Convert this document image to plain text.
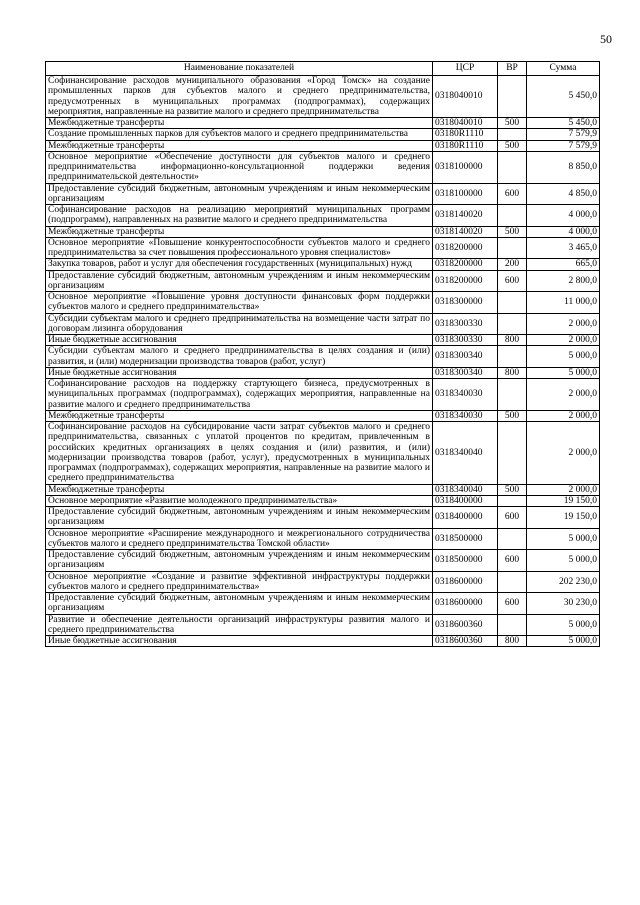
50
Наименование показателей	ЦСР	ВР	Сумма
Софинансирование расходов муниципального образования «Город Томск» на создание промышленных парков для субъектов малого и среднего предпринимательства, предусмотренных в муниципальных программах (подпрограммах), содержащих мероприятия, направленные на развитие малого и среднего предпринимательства	0318040010		5 450,0
Межбюджетные трансферты	0318040010	500	5 450,0
Создание промышленных парков для субъектов малого и среднего предпринимательства	03180R1110		7 579,9
Межбюджетные трансферты	03180R1110	500	7 579,9
Основное мероприятие «Обеспечение доступности для субъектов малого и среднего предпринимательства информационно-консультационной поддержки ведения предпринимательской деятельности»	0318100000		8 850,0
Предоставление субсидий бюджетным, автономным учреждениям и иным некоммерческим организациям	0318100000	600	4 850,0
Софинансирование расходов на реализацию мероприятий муниципальных программ (подпрограмм), направленных на развитие малого и среднего предпринимательства	0318140020		4 000,0
Межбюджетные трансферты	0318140020	500	4 000,0
Основное мероприятие «Повышение конкурентоспособности субъектов малого и среднего предпринимательства за счет повышения профессионального уровня специалистов»	0318200000		3 465,0
Закупка товаров, работ и услуг для обеспечения государственных (муниципальных) нужд	0318200000	200	665,0
Предоставление субсидий бюджетным, автономным учреждениям и иным некоммерческим организациям	0318200000	600	2 800,0
Основное мероприятие «Повышение уровня доступности финансовых форм поддержки субъектов малого и среднего предпринимательства»	0318300000		11 000,0
Субсидии субъектам малого и среднего предпринимательства на возмещение части затрат по договорам лизинга оборудования	0318300330		2 000,0
Иные бюджетные ассигнования	0318300330	800	2 000,0
Субсидии субъектам малого и среднего предпринимательства в целях создания и (или) развития, и (или) модернизации производства товаров (работ, услуг)	0318300340		5 000,0
Иные бюджетные ассигнования	0318300340	800	5 000,0
Софинансирование расходов на поддержку стартующего бизнеса, предусмотренных в муниципальных программах (подпрограммах), содержащих мероприятия, направленные на развитие малого и среднего предпринимательства	0318340030		2 000,0
Межбюджетные трансферты	0318340030	500	2 000,0
Софинансирование расходов на субсидирование части затрат субъектов малого и среднего предпринимательства, связанных с уплатой процентов по кредитам, привлеченным в российских кредитных организациях в целях создания и (или) развития, и (или) модернизации производства товаров (работ, услуг), предусмотренных в муниципальных программах (подпрограммах), содержащих мероприятия, направленные на развитие малого и среднего предпринимательства	0318340040		2 000,0
Межбюджетные трансферты	0318340040	500	2 000,0
Основное мероприятие «Развитие молодежного предпринимательства»	0318400000		19 150,0
Предоставление субсидий бюджетным, автономным учреждениям и иным некоммерческим организациям	0318400000	600	19 150,0
Основное мероприятие «Расширение международного и межрегионального сотрудничества субъектов малого и среднего предпринимательства Томской области»	0318500000		5 000,0
Предоставление субсидий бюджетным, автономным учреждениям и иным некоммерческим организациям	0318500000	600	5 000,0
Основное мероприятие «Создание и развитие эффективной инфраструктуры поддержки субъектов малого и среднего предпринимательства»	0318600000		202 230,0
Предоставление субсидий бюджетным, автономным учреждениям и иным некоммерческим организациям	0318600000	600	30 230,0
Развитие и обеспечение деятельности организаций инфраструктуры развития малого и среднего предпринимательства	0318600360		5 000,0
Иные бюджетные ассигнования	0318600360	800	5 000,0
